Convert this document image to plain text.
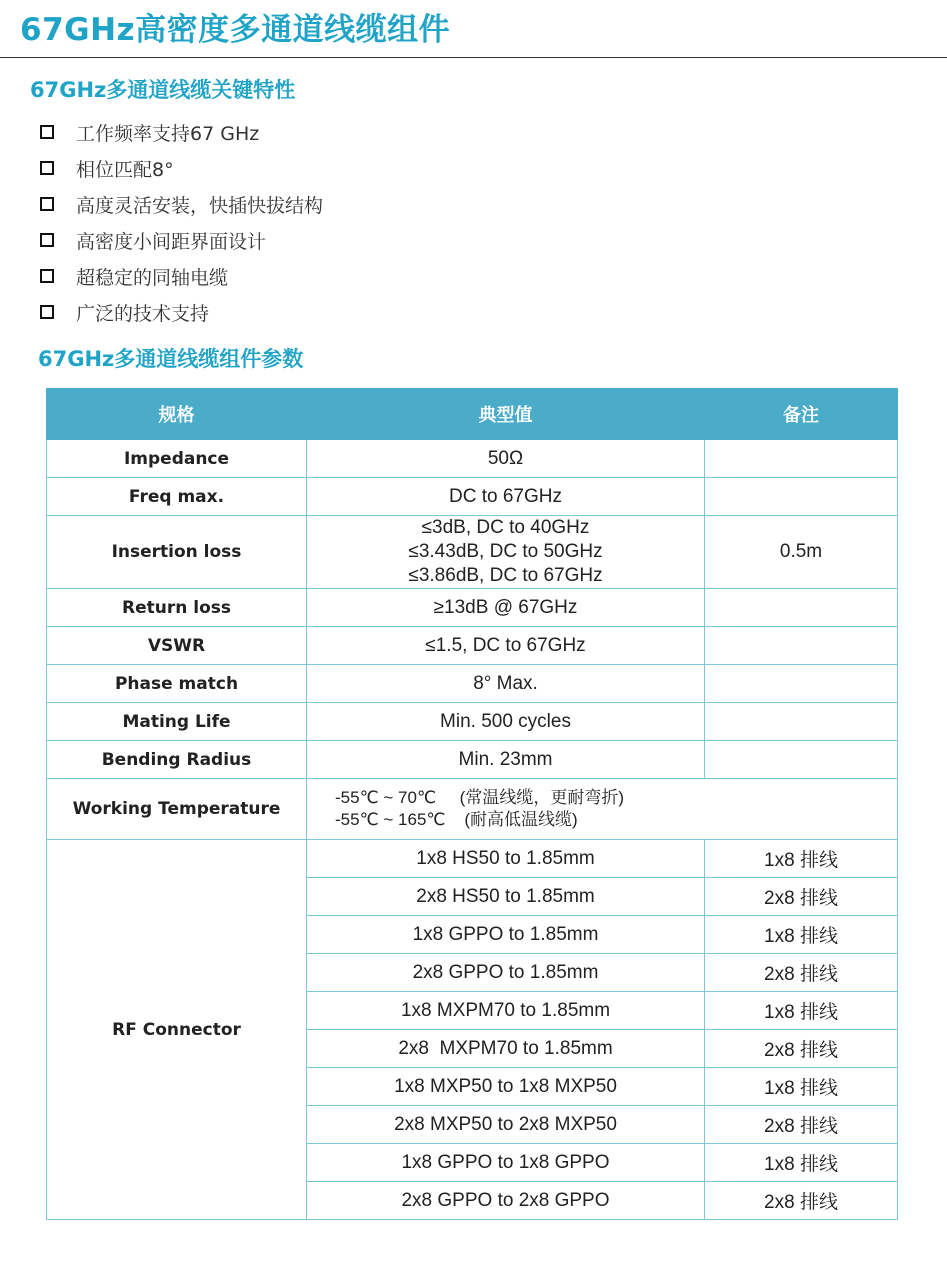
67GHz高密度多通道线缆组件
67GHz多通道线缆关键特性
工作频率支持67 GHz
相位匹配8°
高度灵活安装，快插快拔结构
高密度小间距界面设计
超稳定的同轴电缆
广泛的技术支持
67GHz多通道线缆组件参数
规格	典型值	备注
Impedance	50Ω	
Freq max.	DC to 67GHz	
Insertion loss	≤3dB, DC to 40GHz
≤3.43dB, DC to 50GHz
≤3.86dB, DC to 67GHz	0.5m
Return loss	≥13dB @ 67GHz	
VSWR	≤1.5, DC to 67GHz	
Phase match	8° Max.	
Mating Life	Min. 500 cycles	
Bending Radius	Min. 23mm	
Working Temperature	-55℃ ~ 70℃     (常温线缆，更耐弯折)
-55℃ ~ 165℃    (耐高低温线缆)	

RF Connector	1x8 HS50 to 1.85mm	1x8 排线
	2x8 HS50 to 1.85mm	2x8 排线
	1x8 GPPO to 1.85mm	1x8 排线
	2x8 GPPO to 1.85mm	2x8 排线
	1x8 MXPM70 to 1.85mm	1x8 排线
	2x8  MXPM70 to 1.85mm	2x8 排线
	1x8 MXP50 to 1x8 MXP50	1x8 排线
	2x8 MXP50 to 2x8 MXP50	2x8 排线
	1x8 GPPO to 1x8 GPPO	1x8 排线
	2x8 GPPO to 2x8 GPPO	2x8 排线
